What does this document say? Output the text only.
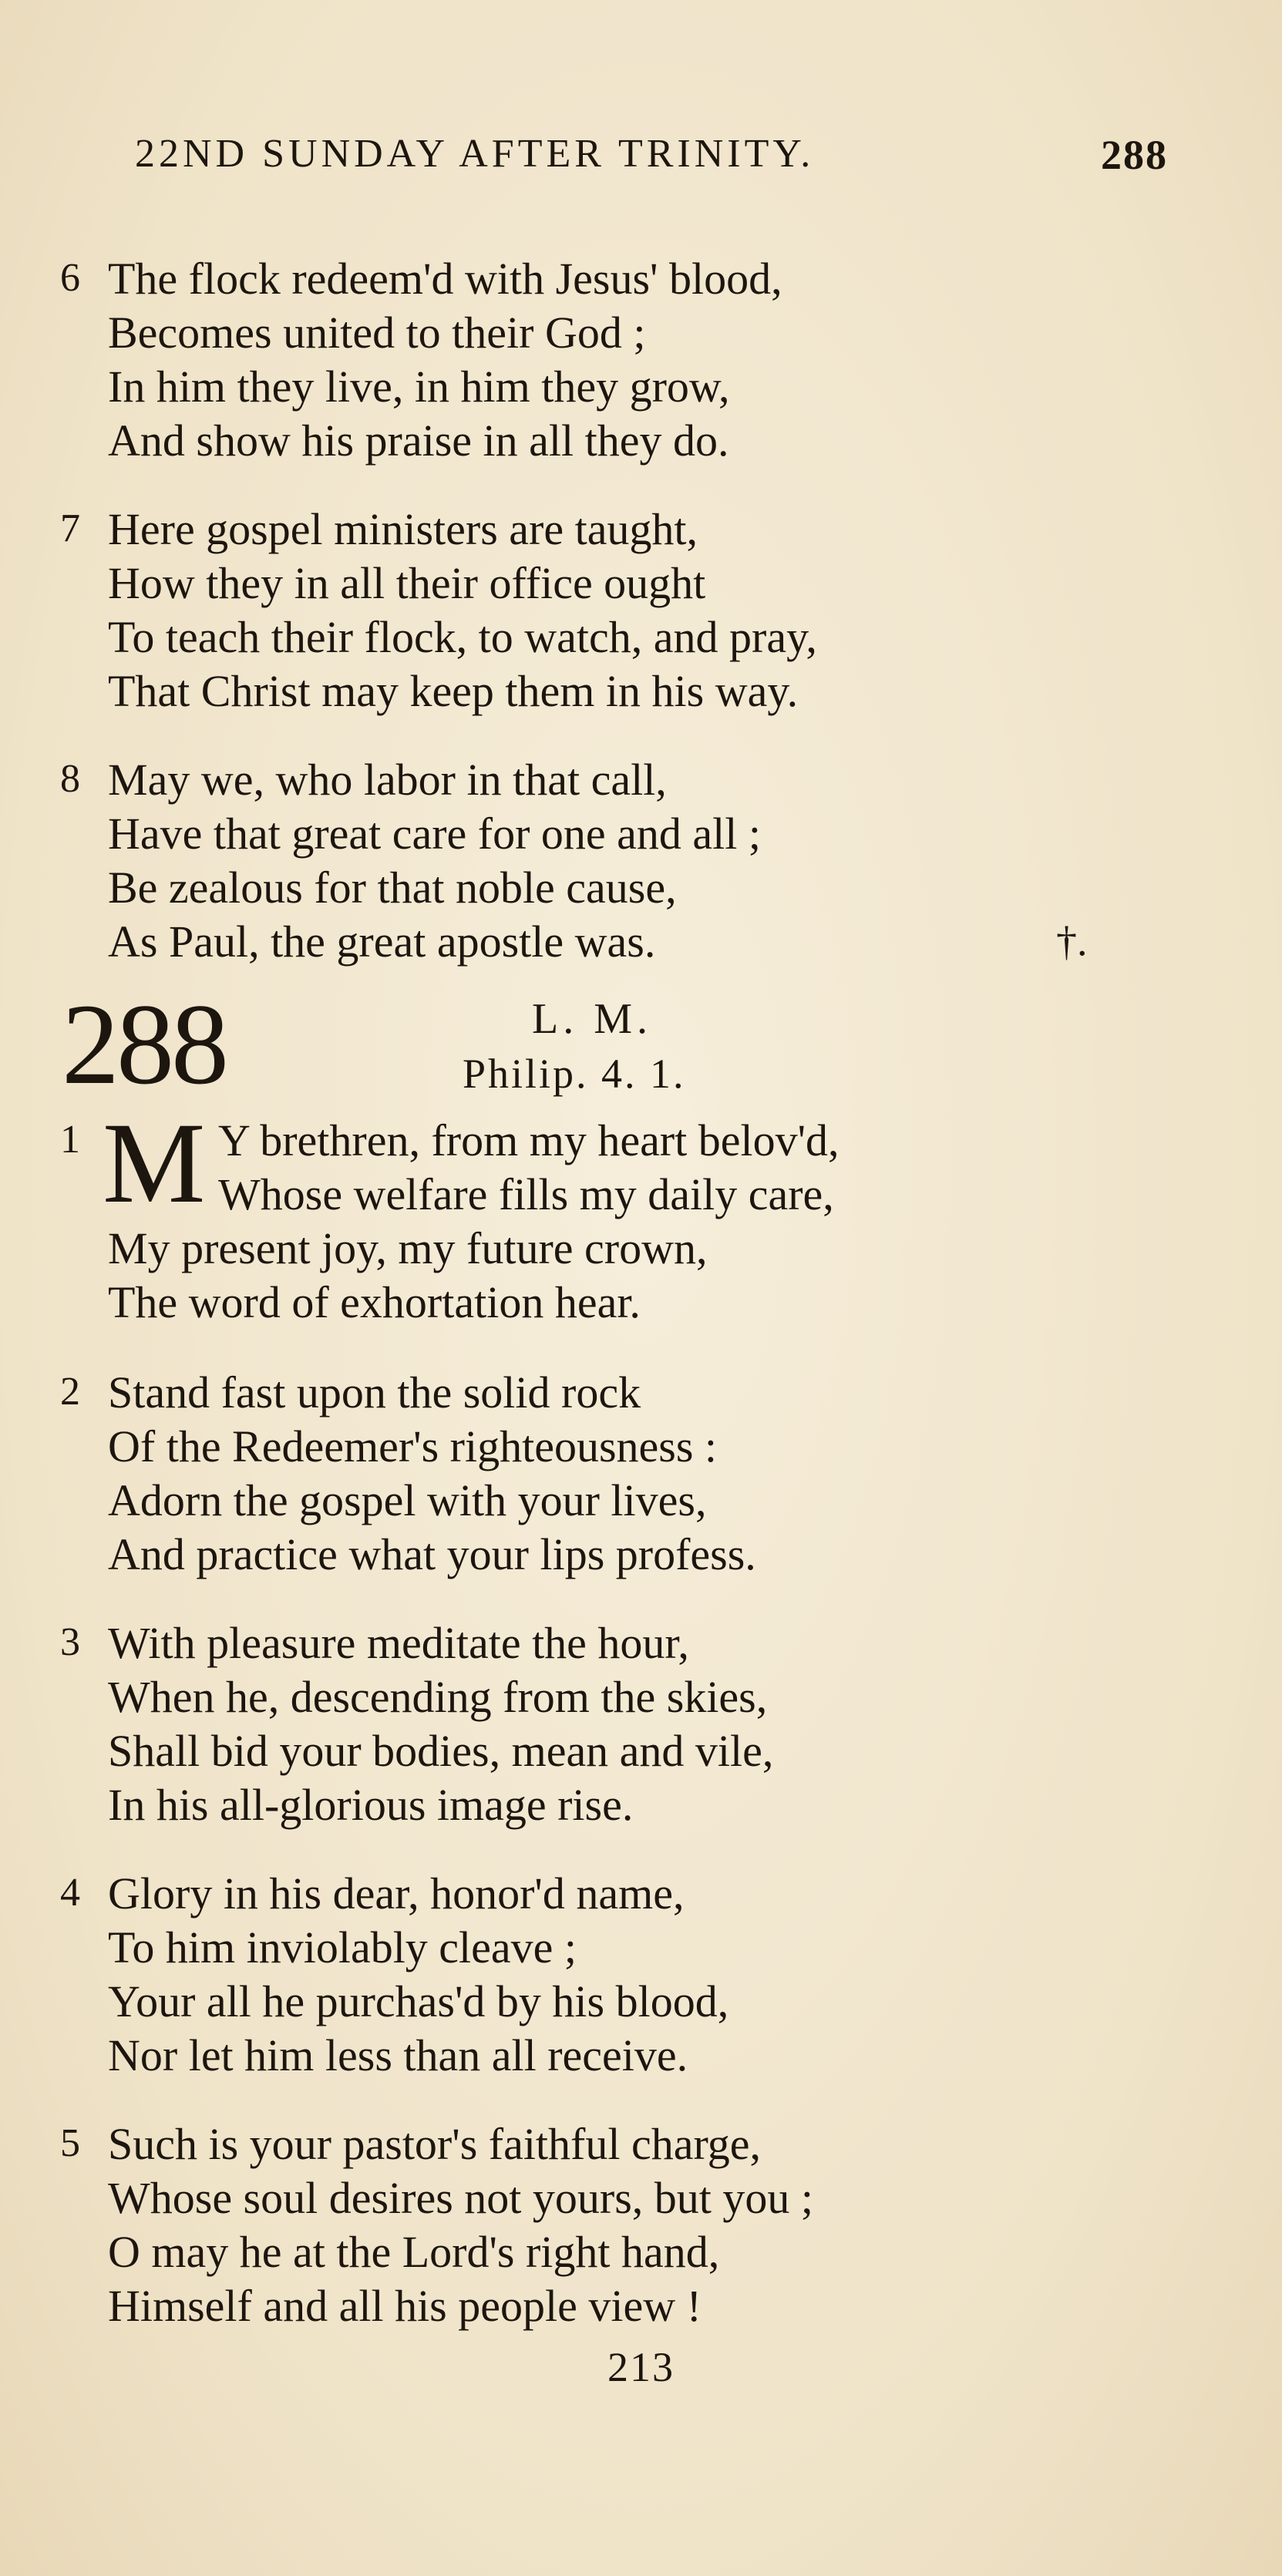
22ND SUNDAY AFTER TRINITY.	288
6 The flock redeem'd with Jesus' blood,
Becomes united to their God ;
In him they live, in him they grow,
And show his praise in all they do.
7 Here gospel ministers are taught,
How they in all their office ought
To teach their flock, to watch, and pray,
That Christ may keep them in his way.
8 May we, who labor in that call,
Have that great care for one and all ;
Be zealous for that noble cause,
As Paul, the great apostle was.	†.
288	L. M.
Philip. 4. 1.
1 M Y brethren, from my heart belov'd,
Whose welfare fills my daily care,
My present joy, my future crown,
The word of exhortation hear.
2 Stand fast upon the solid rock
Of the Redeemer's righteousness :
Adorn the gospel with your lives,
And practice what your lips profess.
3 With pleasure meditate the hour,
When he, descending from the skies,
Shall bid your bodies, mean and vile,
In his all-glorious image rise.
4 Glory in his dear, honor'd name,
To him inviolably cleave ;
Your all he purchas'd by his blood,
Nor let him less than all receive.
5 Such is your pastor's faithful charge,
Whose soul desires not yours, but you ;
O may he at the Lord's right hand,
Himself and all his people view !
213
